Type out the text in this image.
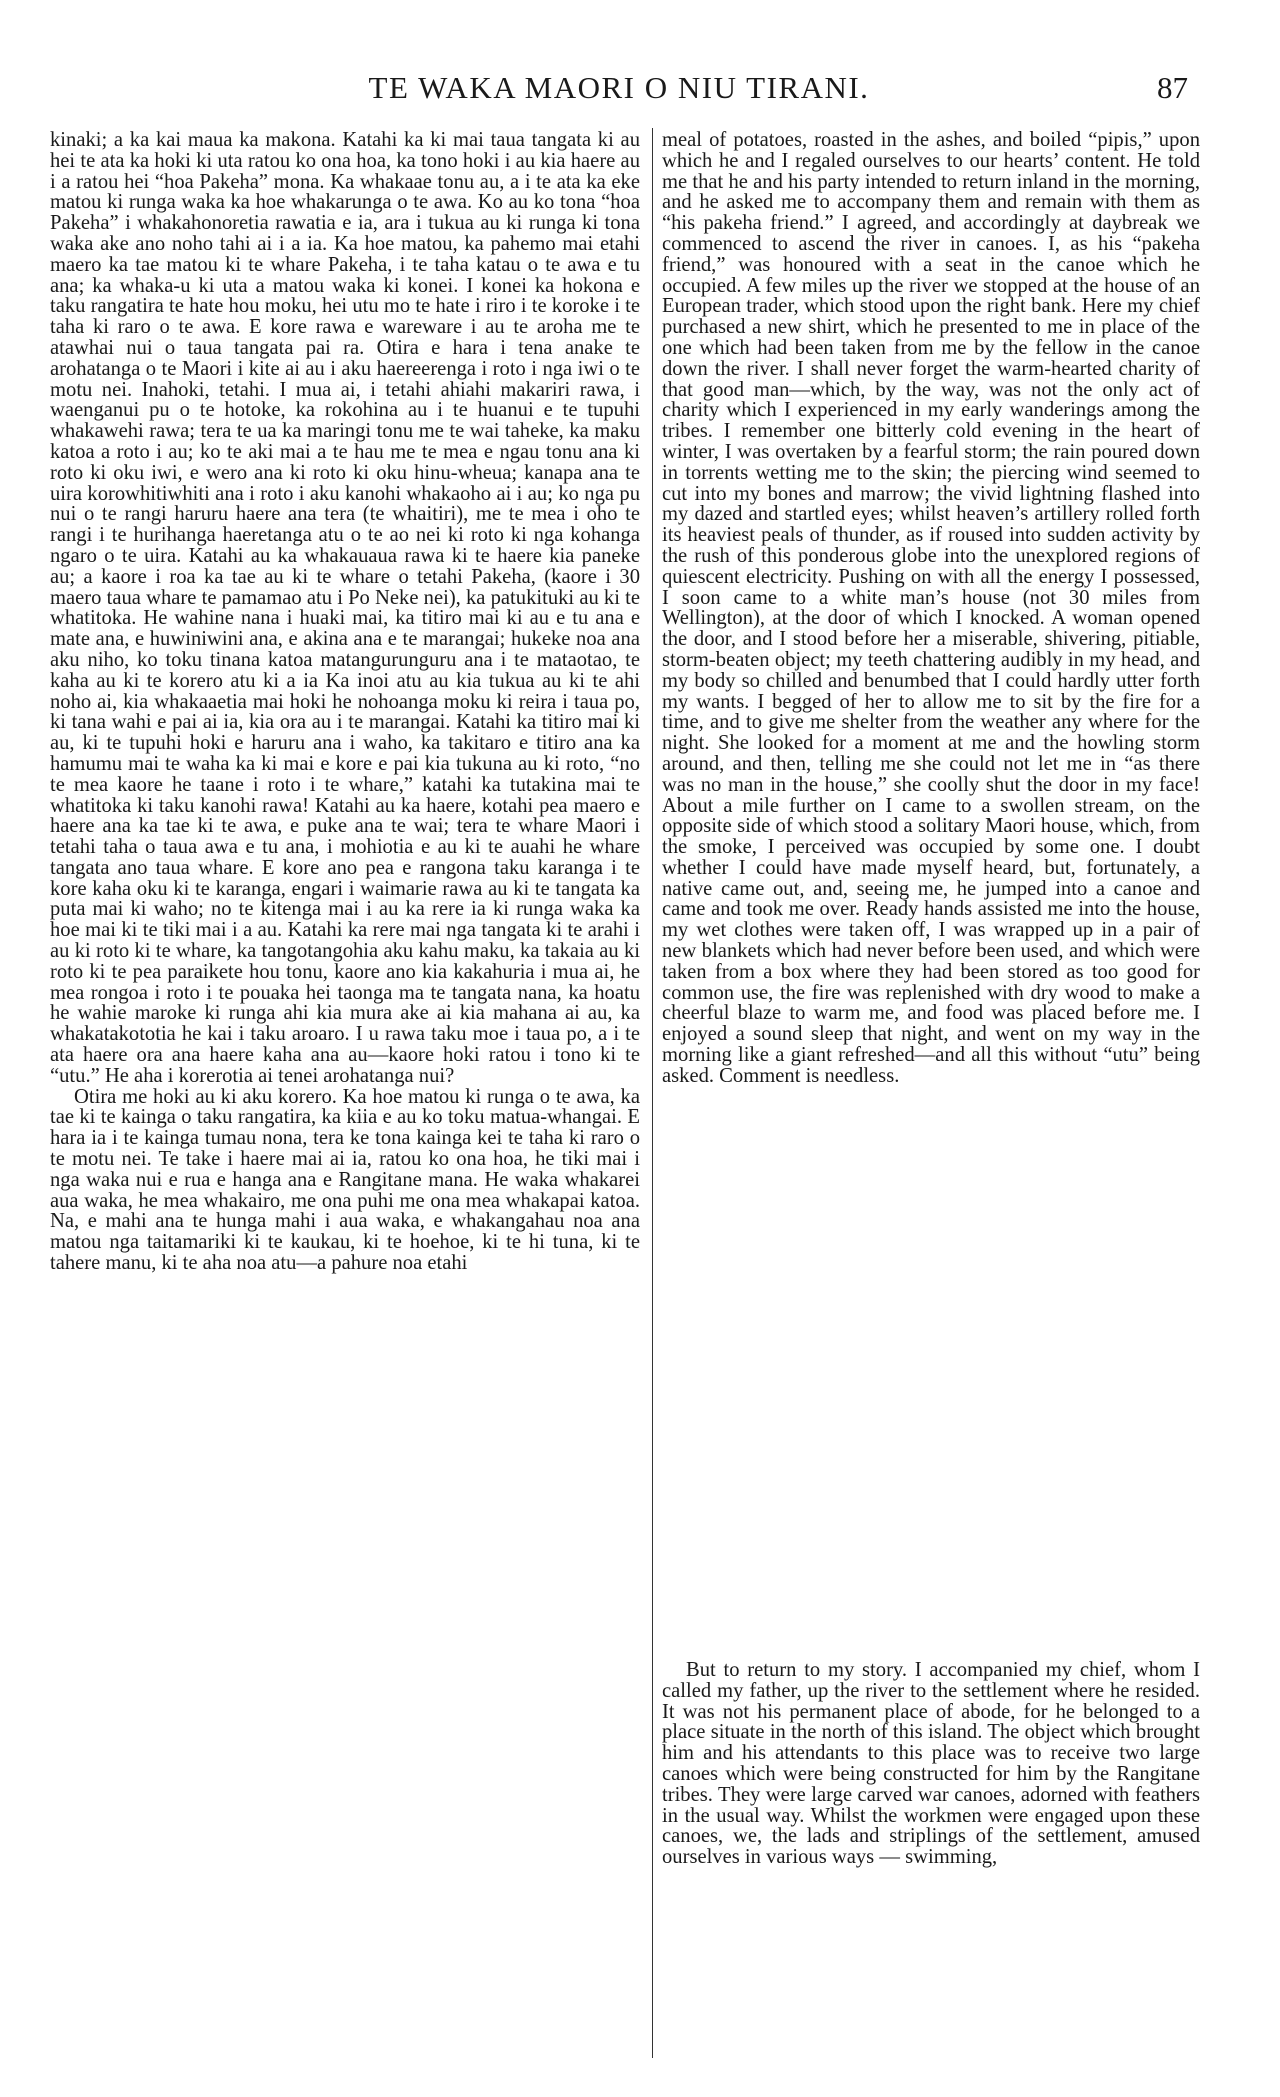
TE WAKA MAORI O NIU TIRANI.	87

kinaki; a ka kai maua ka makona. Katahi ka ki mai taua tangata ki au hei te ata ka hoki ki uta ratou ko ona hoa, ka tono hoki i au kia haere au i a ratou hei “hoa Pakeha” mona. Ka whakaae tonu au, a i te ata ka eke matou ki runga waka ka hoe whakarunga o te awa. Ko au ko tona “hoa Pakeha” i whakahonoretia rawatia e ia, ara i tukua au ki runga ki tona waka ake ano noho tahi ai i a ia. Ka hoe matou, ka pahemo mai etahi maero ka tae matou ki te whare Pakeha, i te taha katau o te awa e tu ana; ka whaka-u ki uta a matou waka ki konei. I konei ka hokona e taku rangatira te hate hou moku, hei utu mo te hate i riro i te koroke i te taha ki raro o te awa. E kore rawa e wareware i au te aroha me te atawhai nui o taua tangata pai ra. Otira e hara i tena anake te arohatanga o te Maori i kite ai au i aku haereerenga i roto i nga iwi o te motu nei. Inahoki, tetahi. I mua ai, i tetahi ahiahi makariri rawa, i waenganui pu o te hotoke, ka rokohina au i te huanui e te tupuhi whakawehi rawa; tera te ua ka maringi tonu me te wai taheke, ka maku katoa a roto i au; ko te aki mai a te hau me te mea e ngau tonu ana ki roto ki oku iwi, e wero ana ki roto ki oku hinu-wheua; kanapa ana te uira korowhitiwhiti ana i roto i aku kanohi whakaoho ai i au; ko nga pu nui o te rangi haruru haere ana tera (te whaitiri), me te mea i oho te rangi i te hurihanga haeretanga atu o te ao nei ki roto ki nga kohanga ngaro o te uira. Katahi au ka whakauaua rawa ki te haere kia paneke au; a kaore i roa ka tae au ki te whare o tetahi Pakeha, (kaore i 30 maero taua whare te pamamao atu i Po Neke nei), ka patukituki au ki te whatitoka. He wahine nana i huaki mai, ka titiro mai ki au e tu ana e mate ana, e huwiniwini ana, e akina ana e te marangai; hukeke noa ana aku niho, ko toku tinana katoa matangurunguru ana i te mataotao, te kaha au ki te korero atu ki a ia Ka inoi atu au kia tukua au ki te ahi noho ai, kia whakaaetia mai hoki he nohoanga moku ki reira i taua po, ki tana wahi e pai ai ia, kia ora au i te marangai. Katahi ka titiro mai ki au, ki te tupuhi hoki e haruru ana i waho, ka takitaro e titiro ana ka hamumu mai te waha ka ki mai e kore e pai kia tukuna au ki roto, “no te mea kaore he taane i roto i te whare,” katahi ka tutakina mai te whatitoka ki taku kanohi rawa! Katahi au ka haere, kotahi pea maero e haere ana ka tae ki te awa, e puke ana te wai; tera te whare Maori i tetahi taha o taua awa e tu ana, i mohiotia e au ki te auahi he whare tangata ano taua whare. E kore ano pea e rangona taku karanga i te kore kaha oku ki te karanga, engari i waimarie rawa au ki te tangata ka puta mai ki waho; no te kitenga mai i au ka rere ia ki runga waka ka hoe mai ki te tiki mai i a au. Katahi ka rere mai nga tangata ki te arahi i au ki roto ki te whare, ka tangotangohia aku kahu maku, ka takaia au ki roto ki te pea paraikete hou tonu, kaore ano kia kakahuria i mua ai, he mea rongoa i roto i te pouaka hei taonga ma te tangata nana, ka hoatu he wahie maroke ki runga ahi kia mura ake ai kia mahana ai au, ka whakatakototia he kai i taku aroaro. I u rawa taku moe i taua po, a i te ata haere ora ana haere kaha ana au—kaore hoki ratou i tono ki te “utu.” He aha i korerotia ai tenei arohatanga nui?

Otira me hoki au ki aku korero. Ka hoe matou ki runga o te awa, ka tae ki te kainga o taku rangatira, ka kiia e au ko toku matua-whangai. E hara ia i te kainga tumau nona, tera ke tona kainga kei te taha ki raro o te motu nei. Te take i haere mai ai ia, ratou ko ona hoa, he tiki mai i nga waka nui e rua e hanga ana e Rangitane mana. He waka whakarei aua waka, he mea whakairo, me ona puhi me ona mea whakapai katoa. Na, e mahi ana te hunga mahi i aua waka, e whakangahau noa ana matou nga taitamariki ki te kaukau, ki te hoehoe, ki te hi tuna, ki te tahere manu, ki te aha noa atu—a pahure noa etahi

meal of potatoes, roasted in the ashes, and boiled “pipis,” upon which he and I regaled ourselves to our hearts’ content. He told me that he and his party intended to return inland in the morning, and he asked me to accompany them and remain with them as “his pakeha friend.” I agreed, and accordingly at daybreak we commenced to ascend the river in canoes. I, as his “pakeha friend,” was honoured with a seat in the canoe which he occupied. A few miles up the river we stopped at the house of an European trader, which stood upon the right bank. Here my chief purchased a new shirt, which he presented to me in place of the one which had been taken from me by the fellow in the canoe down the river. I shall never forget the warm-hearted charity of that good man—which, by the way, was not the only act of charity which I experienced in my early wanderings among the tribes. I remember one bitterly cold evening in the heart of winter, I was overtaken by a fearful storm; the rain poured down in torrents wetting me to the skin; the piercing wind seemed to cut into my bones and marrow; the vivid lightning flashed into my dazed and startled eyes; whilst heaven’s artillery rolled forth its heaviest peals of thunder, as if roused into sudden activity by the rush of this ponderous globe into the unexplored regions of quiescent electricity. Pushing on with all the energy I possessed, I soon came to a white man’s house (not 30 miles from Wellington), at the door of which I knocked. A woman opened the door, and I stood before her a miserable, shivering, pitiable, storm-beaten object; my teeth chattering audibly in my head, and my body so chilled and benumbed that I could hardly utter forth my wants. I begged of her to allow me to sit by the fire for a time, and to give me shelter from the weather any where for the night. She looked for a moment at me and the howling storm around, and then, telling me she could not let me in “as there was no man in the house,” she coolly shut the door in my face! About a mile further on I came to a swollen stream, on the opposite side of which stood a solitary Maori house, which, from the smoke, I perceived was occupied by some one. I doubt whether I could have made myself heard, but, fortunately, a native came out, and, seeing me, he jumped into a canoe and came and took me over. Ready hands assisted me into the house, my wet clothes were taken off, I was wrapped up in a pair of new blankets which had never before been used, and which were taken from a box where they had been stored as too good for common use, the fire was replenished with dry wood to make a cheerful blaze to warm me, and food was placed before me. I enjoyed a sound sleep that night, and went on my way in the morning like a giant refreshed—and all this without “utu” being asked. Comment is needless.

But to return to my story. I accompanied my chief, whom I called my father, up the river to the settlement where he resided. It was not his permanent place of abode, for he belonged to a place situate in the north of this island. The object which brought him and his attendants to this place was to receive two large canoes which were being constructed for him by the Rangitane tribes. They were large carved war canoes, adorned with feathers in the usual way. Whilst the workmen were engaged upon these canoes, we, the lads and striplings of the settlement, amused ourselves in various ways — swimming,
